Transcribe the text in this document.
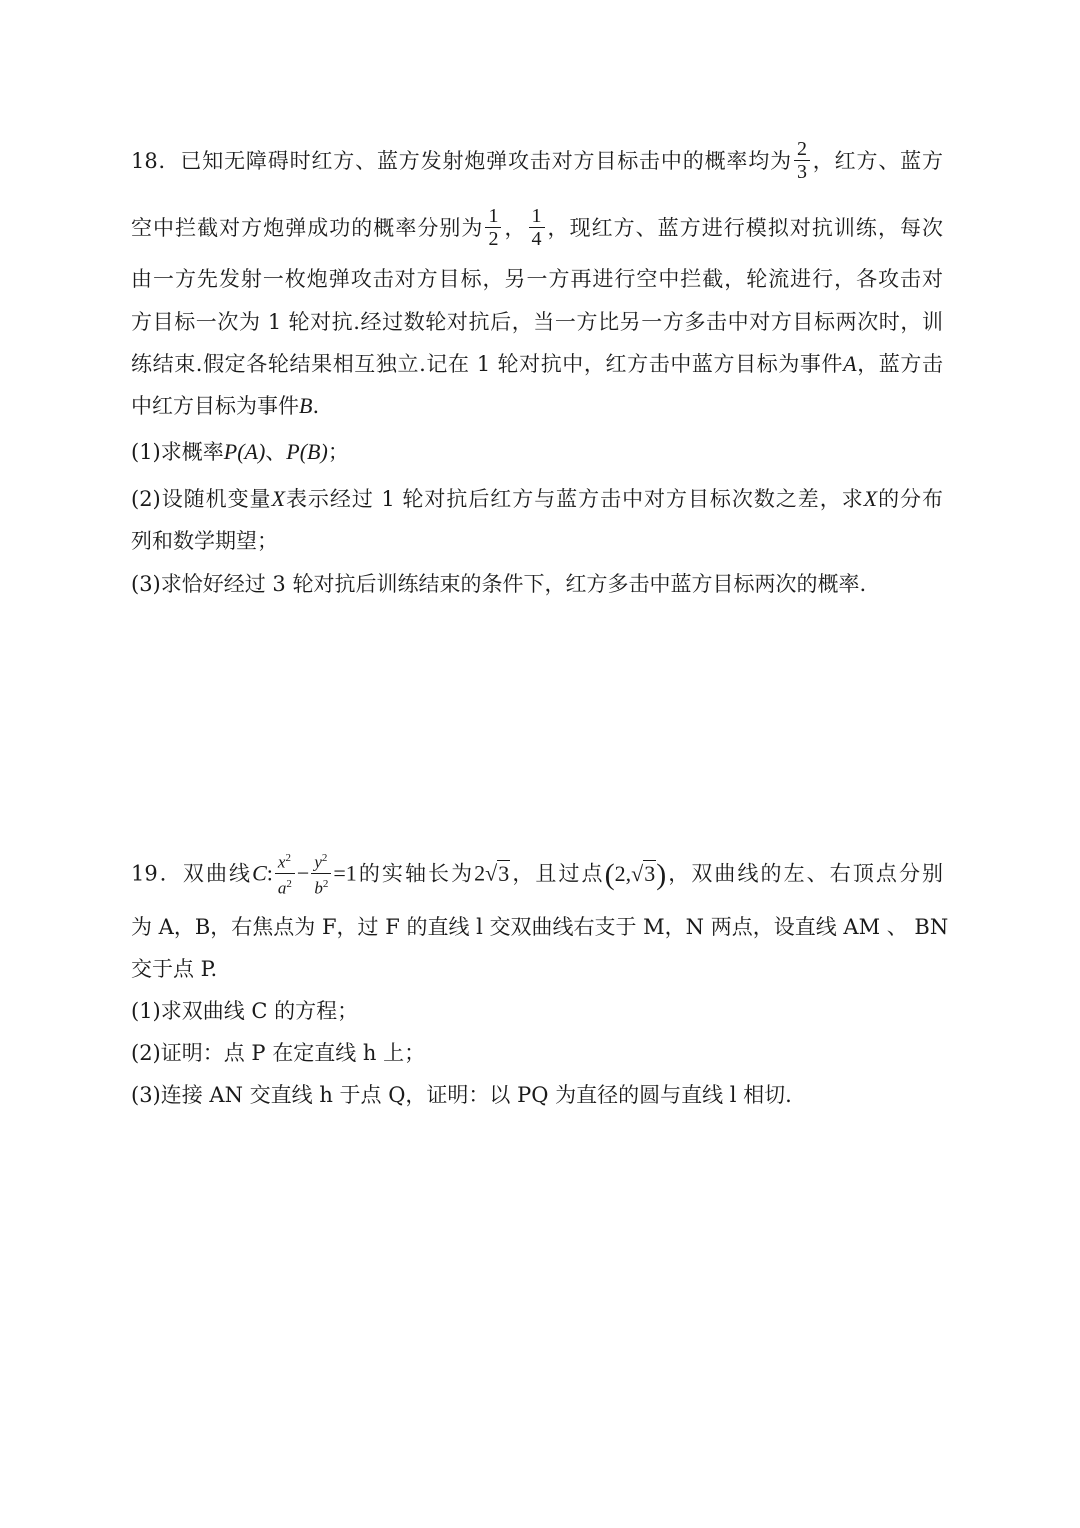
18．已知无障碍时红方、蓝方发射炮弹攻击对方目标击中的概率均为 $\frac{2}{3}$ ，红方、蓝方
空中拦截对方炮弹成功的概率分别为 $\frac{1}{2}$ ， $\frac{1}{4}$ ，现红方、蓝方进行模拟对抗训练，每次
由一方先发射一枚炮弹攻击对方目标，另一方再进行空中拦截，轮流进行，各攻击对
方目标一次为 1 轮对抗.经过数轮对抗后，当一方比另一方多击中对方目标两次时，训
练结束.假定各轮结果相互独立.记在 1 轮对抗中，红方击中蓝方目标为事件A，蓝方击
中红方目标为事件B.
(1)求概率P(A)、P(B)；
(2)设随机变量X表示经过 1 轮对抗后红方与蓝方击中对方目标次数之差，求X的分布
列和数学期望；
(3)求恰好经过 3 轮对抗后训练结束的条件下，红方多击中蓝方目标两次的概率.
19．双曲线C: $\frac{x^2}{a^2} - \frac{y^2}{b^2} =1$的实轴长为2√3，且过点(2,√3)，双曲线的左、右顶点分别
为 A，B，右焦点为 F，过 F 的直线 l 交双曲线右支于 M，N 两点，设直线 AM 、 BN
交于点 P.
(1)求双曲线 C 的方程；
(2)证明：点 P 在定直线 h 上；
(3)连接 AN 交直线 h 于点 Q，证明：以 PQ 为直径的圆与直线 l 相切.
